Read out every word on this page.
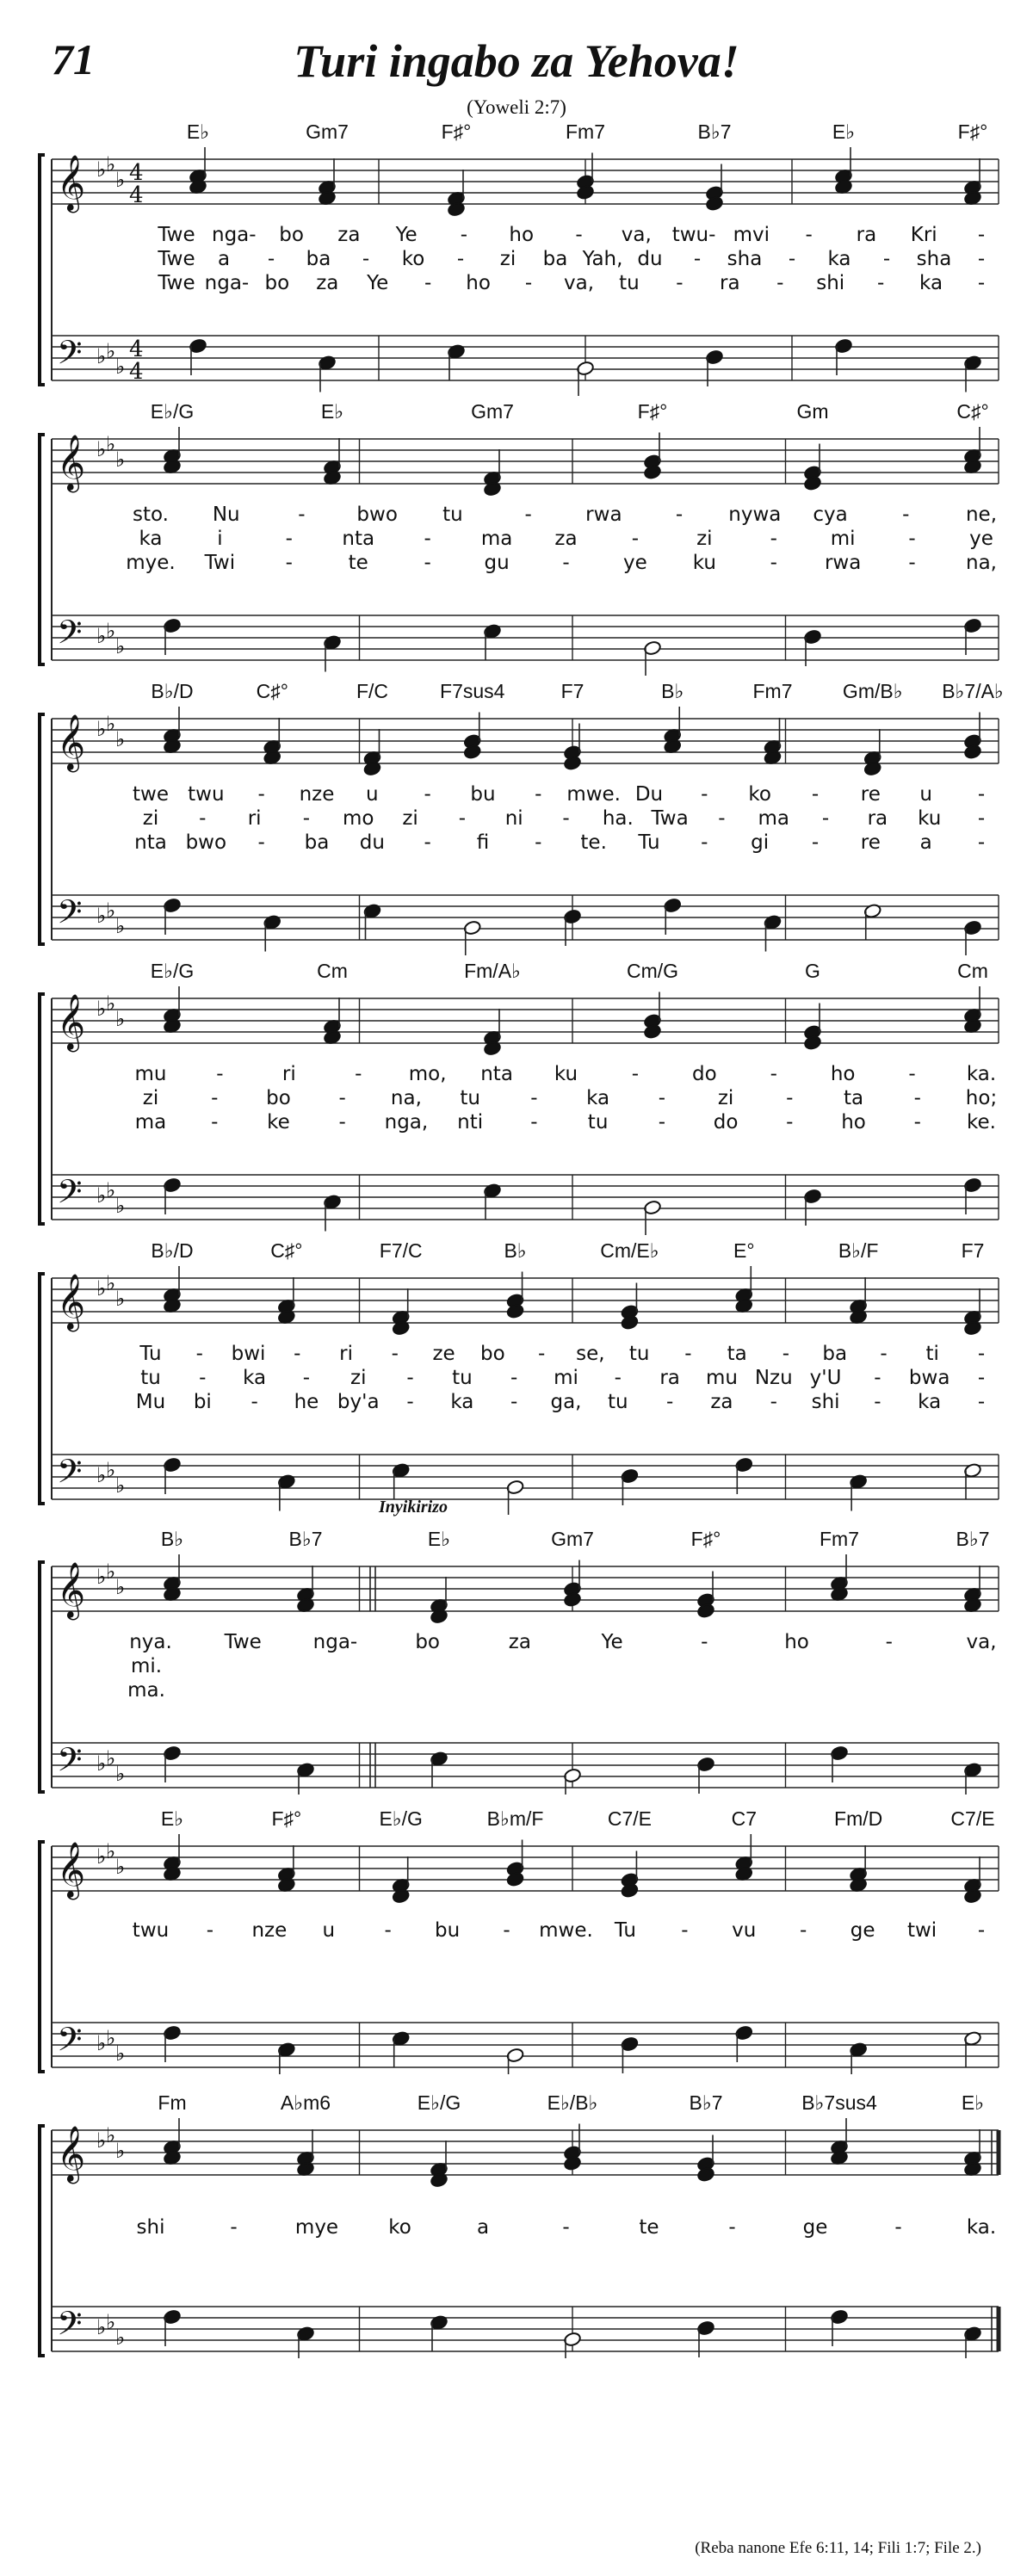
71	Turi ingabo za Yehova!
(Yoweli 2:7)
𝄞
𝄢
♭
♭
♭
♭
♭
♭
4
4
4
4
E♭	Gm7	F♯°	Fm7	B♭7	E♭	F♯°
Twe nga- bo za Ye - ho - va, twu- mvi - ra Kri -
Twe a - ba - ko - zi ba Yah, du - sha - ka - sha -
Twe nga- bo za Ye - ho - va, tu - ra - shi - ka -
𝄞
𝄢
♭
♭
♭
♭
♭
♭
E♭/G	E♭	Gm7	F♯°	Gm	C♯°
sto. Nu	-	bwo tu	-	rwa	- nywa cya	-	ne,
ka	i	- nta -	ma za	-	zi	-	mi	-	ye
mye. Twi	-	te	-	gu	-	ye ku	- rwa -	na,
𝄞
𝄢
♭
♭
♭
♭
♭
♭
B♭/D	C♯°	F/C	F7sus4	F7	B♭	Fm7	Gm/B♭ B♭7/A♭
twe twu - nze u - bu - mwe. Du - ko - re u -
zi - ri - mo zi - ni - ha. Twa - ma - ra ku -
nta bwo - ba du - fi - te. Tu - gi - re a -
𝄞
𝄢
♭
♭
♭
♭
♭
♭
E♭/G	Cm	Fm/A♭	Cm/G	G	Cm
mu	-	ri	- mo, nta ku	-	do	-	ho	-	ka.
zi	- bo - na, tu	- ka -	zi	-	ta	- ho;
ma - ke - nga, nti -	tu	- do - ho - ke.
𝄞
𝄢
♭
♭
♭
♭
♭
♭
B♭/D	C♯°	F7/C	B♭	Cm/E♭	E°	B♭/F	F7
Tu - bwi - ri - ze bo - se, tu - ta - ba - ti -
tu - ka - zi - tu - mi - ra mu Nzu y'U - bwa -
Mu bi - he by'a - ka - ga, tu - za - shi - ka -
𝄞
𝄢
♭
♭
♭
♭
♭
♭
B♭	B♭7	E♭	Gm7	F♯°	Fm7	B♭7
Inyikirizo
nya.	Twe	nga-	bo	za	Ye	-	ho	-	va,
mi.
ma.
𝄞
𝄢
♭
♭
♭
♭
♭
♭
E♭	F♯°	E♭/G	B♭m/F	C7/E	C7	Fm/D	C7/E
twu - nze u - bu - mwe. Tu - vu - ge twi -
𝄞
𝄢
♭
♭
♭
♭
♭
♭
Fm	A♭m6	E♭/G	E♭/B♭	B♭7	B♭7sus4	E♭
shi	-	mye	ko	a	-	te	-	ge	-	ka.
(Reba nanone Efe 6:11, 14; Fili 1:7; File 2.)
